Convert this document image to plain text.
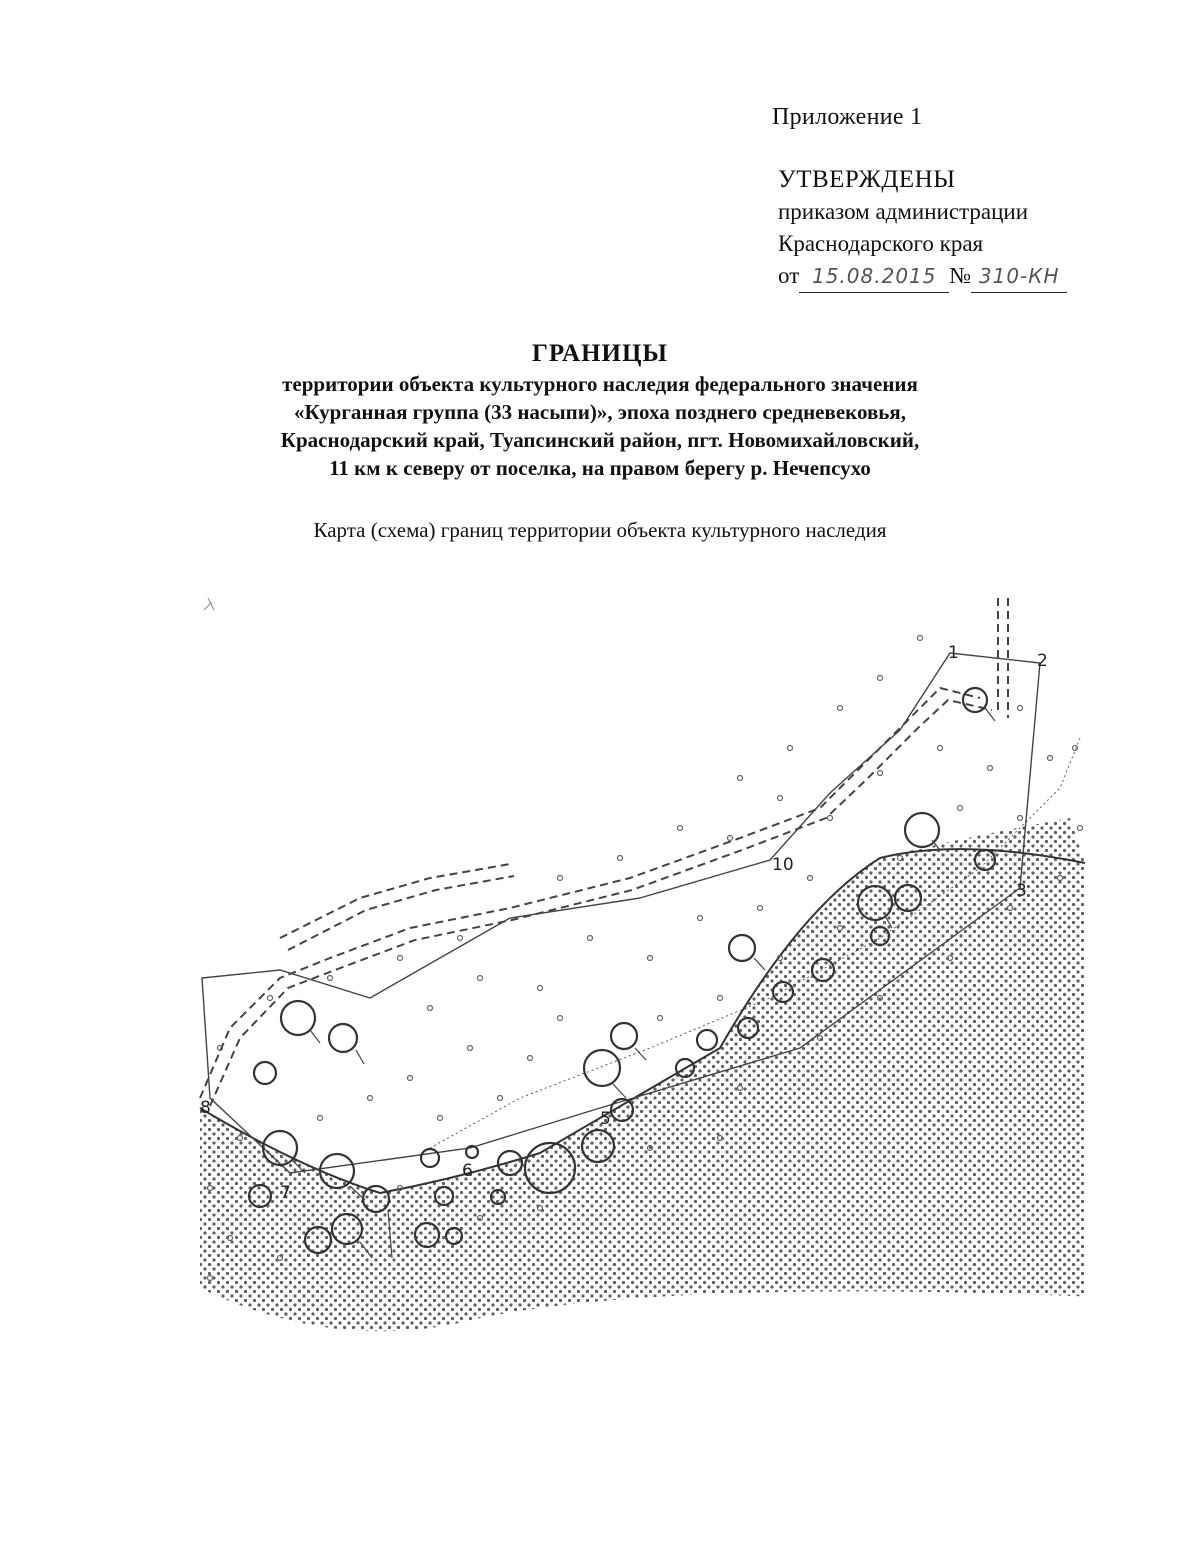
Приложение 1
УТВЕРЖДЕНЫ
приказом администрации
Краснодарского края
от 15.08.2015 № 310-КН
ГРАНИЦЫ
территории объекта культурного наследия федерального значения
«Курганная группа (33 насыпи)», эпоха позднего средневековья,
Краснодарский край, Туапсинский район, пгт. Новомихайловский,
11 км к северу от поселка, на правом берегу р. Нечепсухо
Карта (схема) границ территории объекта культурного наследия
1	2
3
5
6
7
8
10
